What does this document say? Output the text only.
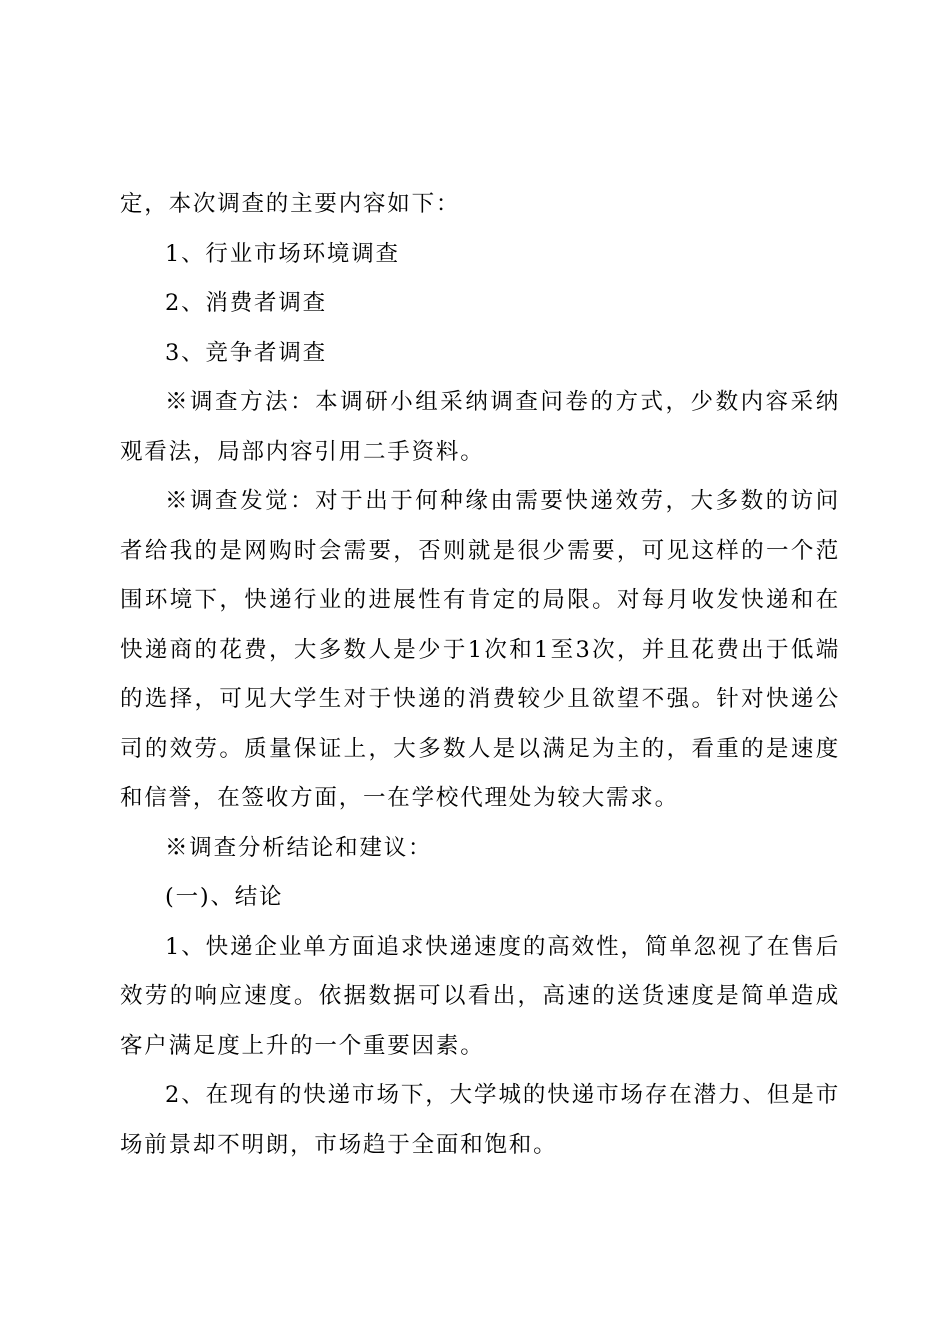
定，本次调查的主要内容如下：

1、行业市场环境调查

2、消费者调查

3、竞争者调查

※调查方法：本调研小组采纳调查问卷的方式，少数内容采纳观看法，局部内容引用二手资料。

※调查发觉：对于出于何种缘由需要快递效劳，大多数的访问者给我的是网购时会需要，否则就是很少需要，可见这样的一个范围环境下，快递行业的进展性有肯定的局限。对每月收发快递和在快递商的花费，大多数人是少于1次和1至3次，并且花费出于低端的选择，可见大学生对于快递的消费较少且欲望不强。针对快递公司的效劳。质量保证上，大多数人是以满足为主的，看重的是速度和信誉，在签收方面，一在学校代理处为较大需求。

※调查分析结论和建议：

(一)、结论

1、快递企业单方面追求快递速度的高效性，简单忽视了在售后效劳的响应速度。依据数据可以看出，高速的送货速度是简单造成客户满足度上升的一个重要因素。

2、在现有的快递市场下，大学城的快递市场存在潜力、但是市场前景却不明朗，市场趋于全面和饱和。
